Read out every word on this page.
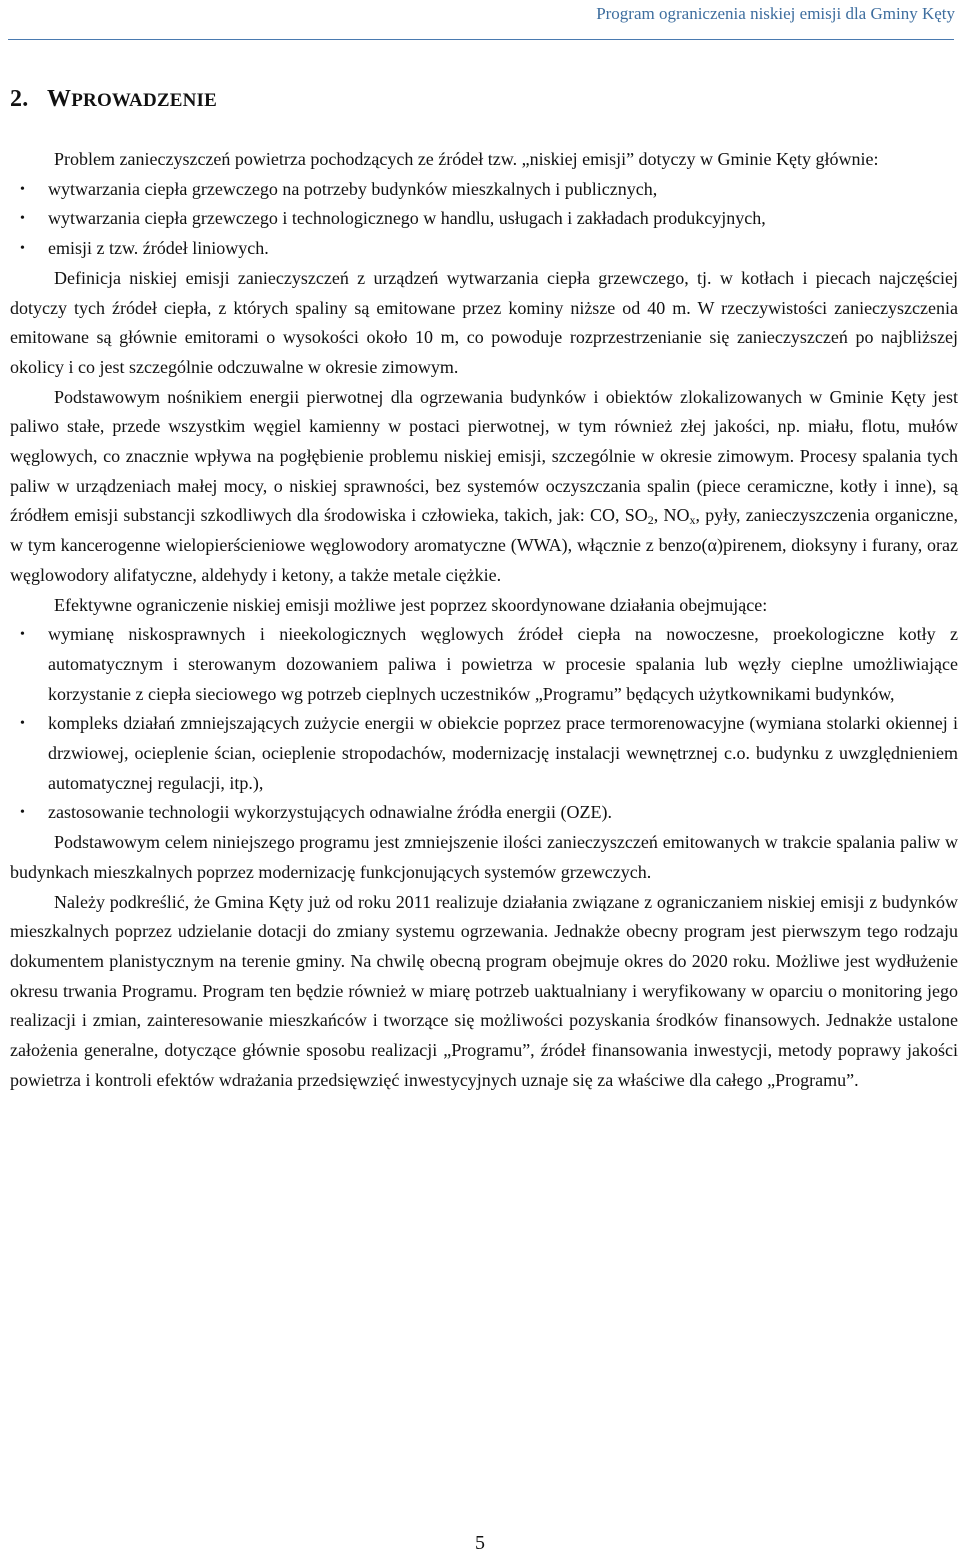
Program ograniczenia niskiej emisji dla Gminy Kęty
2. WPROWADZENIE

Problem zanieczyszczeń powietrza pochodzących ze źródeł tzw. „niskiej emisji” dotyczy w Gminie Kęty głównie:

• wytwarzania ciepła grzewczego na potrzeby budynków mieszkalnych i publicznych,
• wytwarzania ciepła grzewczego i technologicznego w handlu, usługach i zakładach produkcyjnych,
• emisji z tzw. źródeł liniowych.

Definicja niskiej emisji zanieczyszczeń z urządzeń wytwarzania ciepła grzewczego, tj. w kotłach i piecach najczęściej dotyczy tych źródeł ciepła, z których spaliny są emitowane przez kominy niższe od 40 m. W rzeczywistości zanieczyszczenia emitowane są głównie emitorami o wysokości około 10 m, co powoduje rozprzestrzenianie się zanieczyszczeń po najbliższej okolicy i co jest szczególnie odczuwalne w okresie zimowym.

Podstawowym nośnikiem energii pierwotnej dla ogrzewania budynków i obiektów zlokalizowanych w Gminie Kęty jest paliwo stałe, przede wszystkim węgiel kamienny w postaci pierwotnej, w tym również złej jakości, np. miału, flotu, mułów węglowych, co znacznie wpływa na pogłębienie problemu niskiej emisji, szczególnie w okresie zimowym. Procesy spalania tych paliw w urządzeniach małej mocy, o niskiej sprawności, bez systemów oczyszczania spalin (piece ceramiczne, kotły i inne), są źródłem emisji substancji szkodliwych dla środowiska i człowieka, takich, jak: CO, $SO_2$, $NO_x$, pyły, zanieczyszczenia organiczne, w tym kancerogenne wielopierścieniowe węglowodory aromatyczne (WWA), włącznie z benzo(α)pirenem, dioksyny i furany, oraz węglowodory alifatyczne, aldehydy i ketony, a także metale ciężkie.

Efektywne ograniczenie niskiej emisji możliwe jest poprzez skoordynowane działania obejmujące:

• wymianę niskosprawnych i nieekologicznych węglowych źródeł ciepła na nowoczesne, proekologiczne kotły z automatycznym i sterowanym dozowaniem paliwa i powietrza w procesie spalania lub węzły cieplne umożliwiające korzystanie z ciepła sieciowego wg potrzeb cieplnych uczestników „Programu” będących użytkownikami budynków,
• kompleks działań zmniejszających zużycie energii w obiekcie poprzez prace termorenowacyjne (wymiana stolarki okiennej i drzwiowej, ocieplenie ścian, ocieplenie stropodachów, modernizację instalacji wewnętrznej c.o. budynku z uwzględnieniem automatycznej regulacji, itp.),
• zastosowanie technologii wykorzystujących odnawialne źródła energii (OZE).

Podstawowym celem niniejszego programu jest zmniejszenie ilości zanieczyszczeń emitowanych w trakcie spalania paliw w budynkach mieszkalnych poprzez modernizację funkcjonujących systemów grzewczych.

Należy podkreślić, że Gmina Kęty już od roku 2011 realizuje działania związane z ograniczaniem niskiej emisji z budynków mieszkalnych poprzez udzielanie dotacji do zmiany systemu ogrzewania. Jednakże obecny program jest pierwszym tego rodzaju dokumentem planistycznym na terenie gminy. Na chwilę obecną program obejmuje okres do 2020 roku. Możliwe jest wydłużenie okresu trwania Programu. Program ten będzie również w miarę potrzeb uaktualniany i weryfikowany w oparciu o monitoring jego realizacji i zmian, zainteresowanie mieszkańców i tworzące się możliwości pozyskania środków finansowych. Jednakże ustalone założenia generalne, dotyczące głównie sposobu realizacji „Programu”, źródeł finansowania inwestycji, metody poprawy jakości powietrza i kontroli efektów wdrażania przedsięwzięć inwestycyjnych uznaje się za właściwe dla całego „Programu”.

5
